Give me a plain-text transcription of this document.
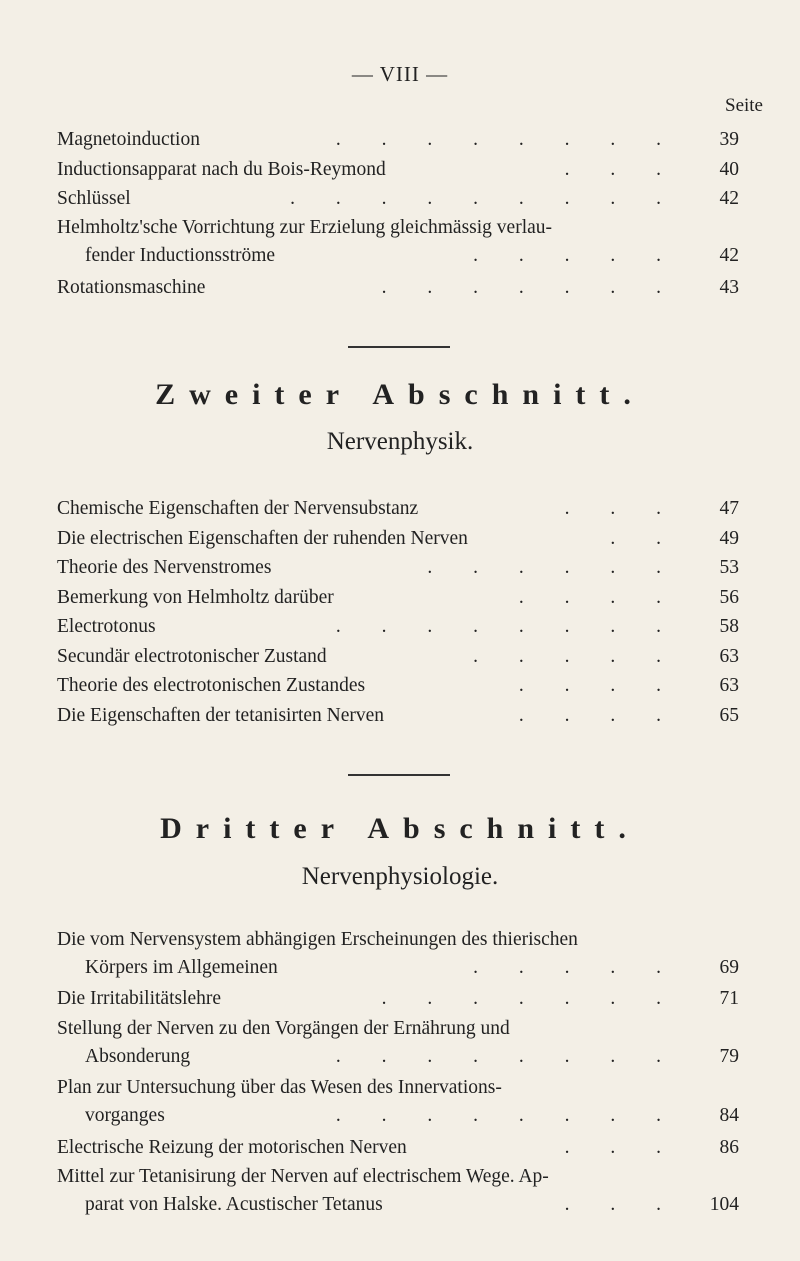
— VIII —
Seite
Magnetoinduction	. . . . . . . . 39
Inductionsapparat nach du Bois-Reymond	. . . 40
Schlüssel	. . . . . . . . . 42
Helmholtz'sche Vorrichtung zur Erzielung gleichmässig verlau-
fender Inductionsströme	. . . . . 42
Rotationsmaschine	. . . . . . . 43
Zweiter Abschnitt.
Nervenphysik.
Chemische Eigenschaften der Nervensubstanz	. . . 47
Die electrischen Eigenschaften der ruhenden Nerven	. . 49
Theorie des Nervenstromes	. . . . . . 53
Bemerkung von Helmholtz darüber	. . . . 56
Electrotonus	. . . . . . . . 58
Secundär electrotonischer Zustand	. . . . . 63
Theorie des electrotonischen Zustandes	. . . . 63
Die Eigenschaften der tetanisirten Nerven	. . . . 65
Dritter Abschnitt.
Nervenphysiologie.
Die vom Nervensystem abhängigen Erscheinungen des thierischen
Körpers im Allgemeinen	. . . . . 69
Die Irritabilitätslehre	. . . . . . . 71
Stellung der Nerven zu den Vorgängen der Ernährung und
Absonderung	. . . . . . . . 79
Plan zur Untersuchung über das Wesen des Innervations-
vorganges	. . . . . . . . 84
Electrische Reizung der motorischen Nerven	. . . 86
Mittel zur Tetanisirung der Nerven auf electrischem Wege. Ap-
parat von Halske. Acustischer Tetanus	. . . 104
